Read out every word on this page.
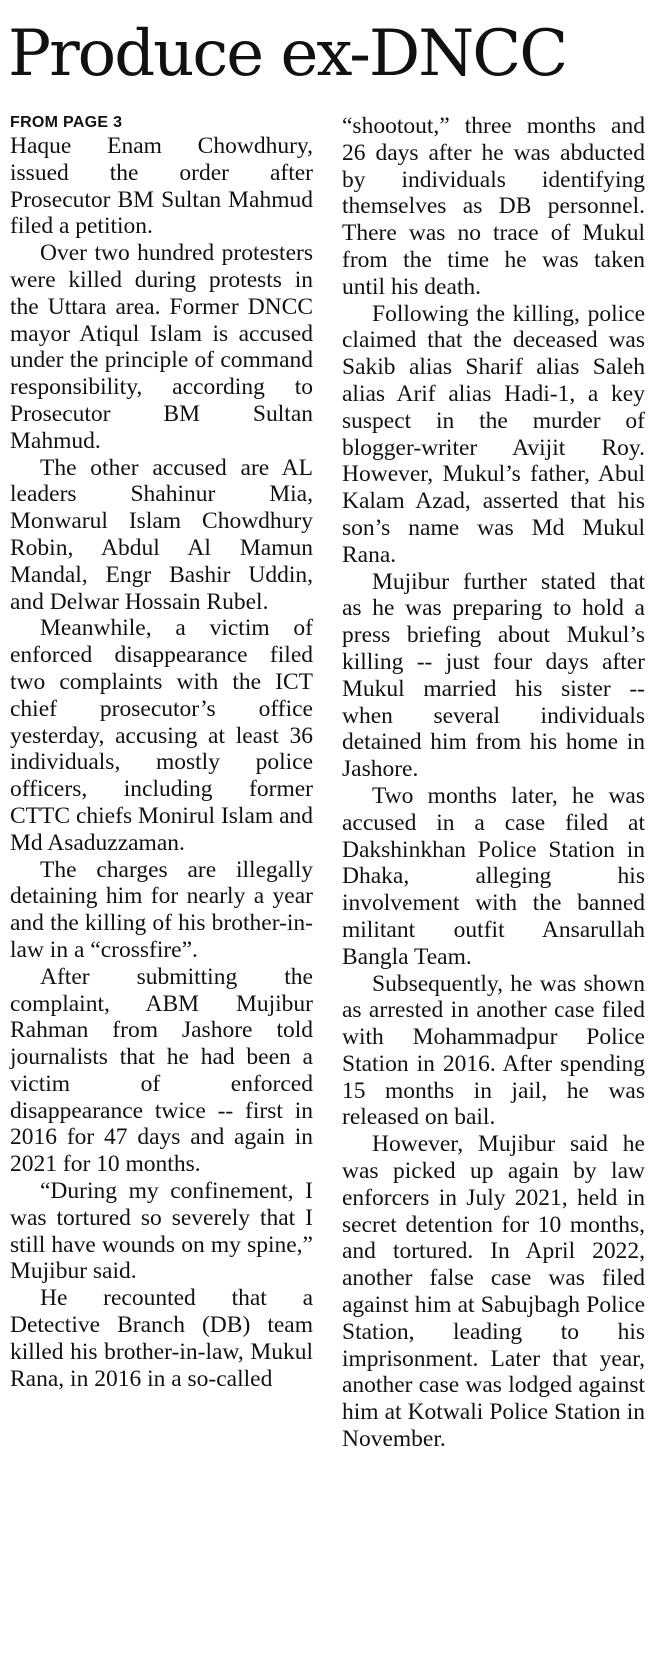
Produce ex-DNCC
FROM PAGE 3

Haque Enam Chowdhury, issued the order after Prosecutor BM Sultan Mahmud filed a petition.

Over two hundred protesters were killed during protests in the Uttara area. Former DNCC mayor Atiqul Islam is accused under the principle of command responsibility, according to Prosecutor BM Sultan Mahmud.

The other accused are AL leaders Shahinur Mia, Monwarul Islam Chowdhury Robin, Abdul Al Mamun Mandal, Engr Bashir Uddin, and Delwar Hossain Rubel.

Meanwhile, a victim of enforced disappearance filed two complaints with the ICT chief prosecutor’s office yesterday, accusing at least 36 individuals, mostly police officers, including former CTTC chiefs Monirul Islam and Md Asaduzzaman.

The charges are illegally detaining him for nearly a year and the killing of his brother-in-law in a “crossfire”.

After submitting the complaint, ABM Mujibur Rahman from Jashore told journalists that he had been a victim of enforced disappearance twice -- first in 2016 for 47 days and again in 2021 for 10 months.

“During my confinement, I was tortured so severely that I still have wounds on my spine,” Mujibur said.

He recounted that a Detective Branch (DB) team killed his brother-in-law, Mukul Rana, in 2016 in a so-called

“shootout,” three months and 26 days after he was abducted by individuals identifying themselves as DB personnel. There was no trace of Mukul from the time he was taken until his death.

Following the killing, police claimed that the deceased was Sakib alias Sharif alias Saleh alias Arif alias Hadi-1, a key suspect in the murder of blogger-writer Avijit Roy. However, Mukul’s father, Abul Kalam Azad, asserted that his son’s name was Md Mukul Rana.

Mujibur further stated that as he was preparing to hold a press briefing about Mukul’s killing -- just four days after Mukul married his sister -- when several individuals detained him from his home in Jashore.

Two months later, he was accused in a case filed at Dakshinkhan Police Station in Dhaka, alleging his involvement with the banned militant outfit Ansarullah Bangla Team.

Subsequently, he was shown as arrested in another case filed with Mohammadpur Police Station in 2016. After spending 15 months in jail, he was released on bail.

However, Mujibur said he was picked up again by law enforcers in July 2021, held in secret detention for 10 months, and tortured. In April 2022, another false case was filed against him at Sabujbagh Police Station, leading to his imprisonment. Later that year, another case was lodged against him at Kotwali Police Station in November.
